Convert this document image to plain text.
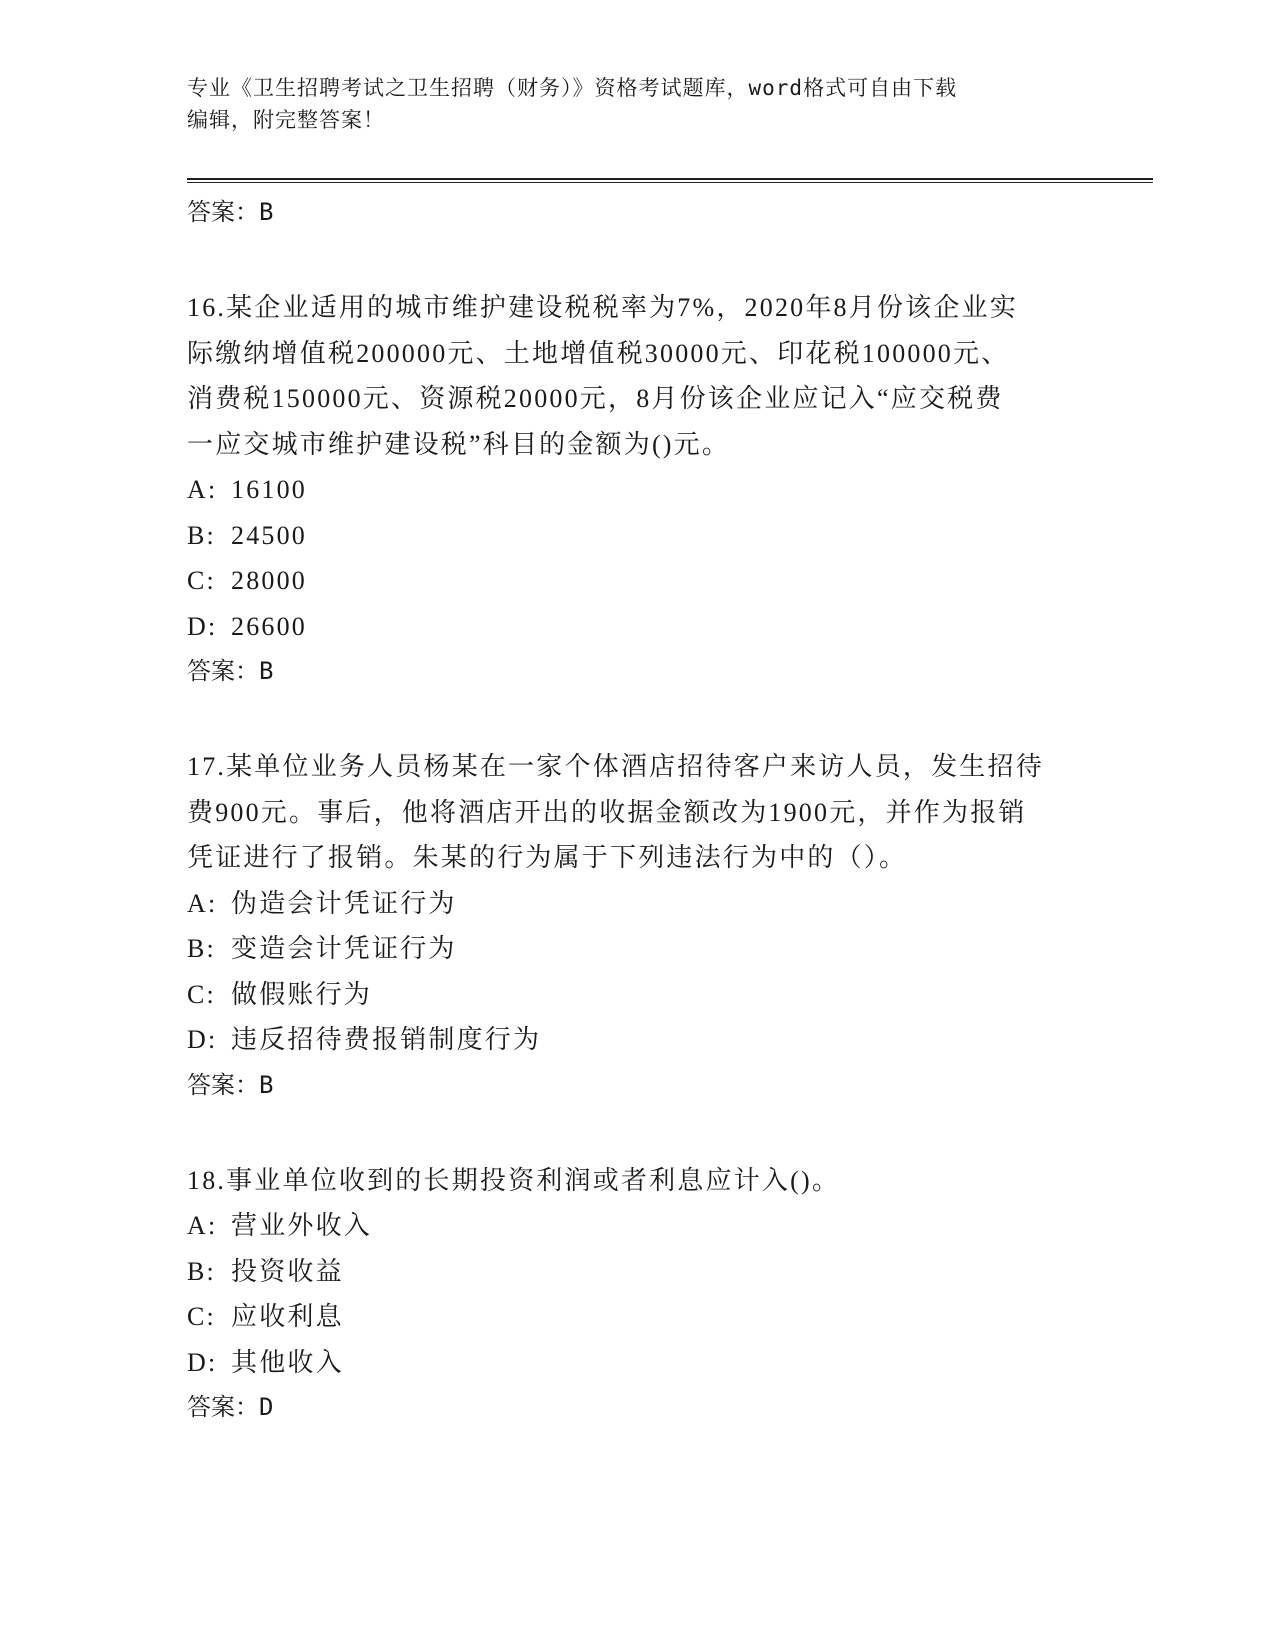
专业《卫生招聘考试之卫生招聘（财务）》资格考试题库，word格式可自由下载
编辑，附完整答案！
答案：B
16.某企业适用的城市维护建设税税率为7%，2020年8月份该企业实
际缴纳增值税200000元、土地增值税30000元、印花税100000元、
消费税150000元、资源税20000元，8月份该企业应记入“应交税费
一应交城市维护建设税”科目的金额为()元。
A: 16100
B: 24500
C: 28000
D: 26600
答案：B
17.某单位业务人员杨某在一家个体酒店招待客户来访人员，发生招待
费900元。事后，他将酒店开出的收据金额改为1900元，并作为报销
凭证进行了报销。朱某的行为属于下列违法行为中的（）。
A: 伪造会计凭证行为
B: 变造会计凭证行为
C: 做假账行为
D: 违反招待费报销制度行为
答案：B
18.事业单位收到的长期投资利润或者利息应计入()。
A: 营业外收入
B: 投资收益
C: 应收利息
D: 其他收入
答案：D
